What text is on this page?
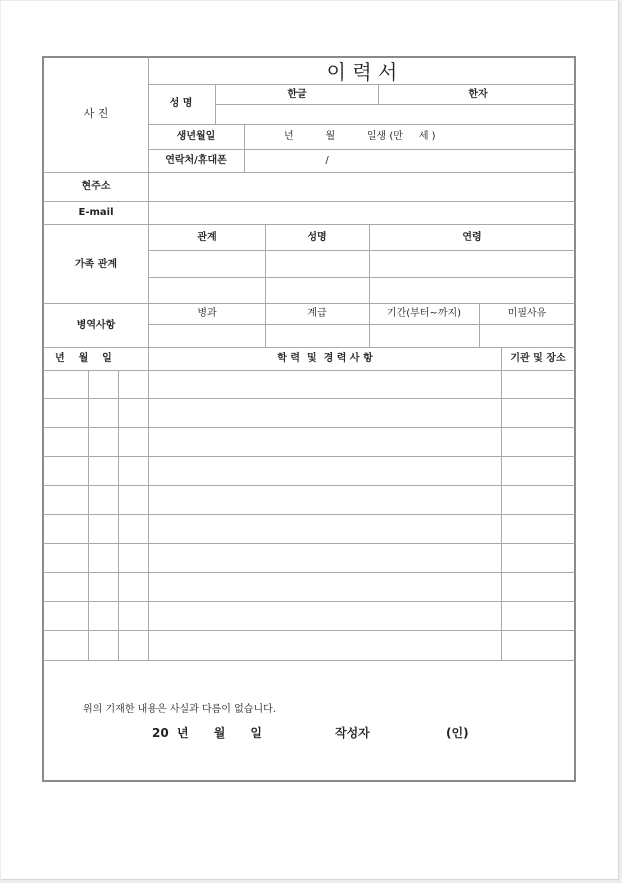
이 력 서
사 진
성 명
한글	한자
생년월일	년          월          일생 (만     세 )
연락처/휴대폰	/
현주소
E-mail
가족 관계
관계	성명	연령
병역사항
병과	계급	기간(부터~까지)	미필사유
년    월    일	학 력  및  경 력 사 항	기관 및 장소
위의 기재한 내용은 사실과 다름이 없습니다.
20  년      월      일	작성자	(인)
